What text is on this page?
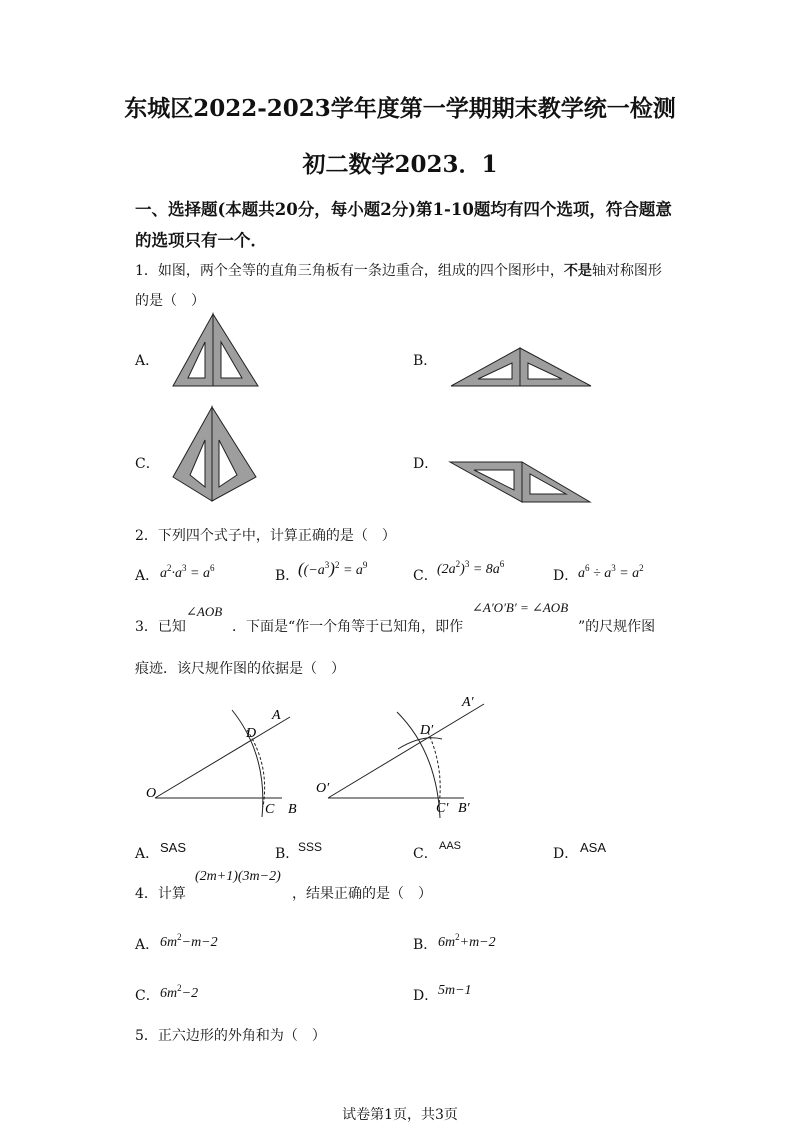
东城区2022-2023学年度第一学期期末教学统一检测
初二数学2023．1
一、选择题(本题共20分，每小题2分)第1-10题均有四个选项，符合题意
的选项只有一个．
1．如图，两个全等的直角三角板有一条边重合，组成的四个图形中，不是轴对称图形
的是（　）
A．	B．
C．	D．
2．下列四个式子中，计算正确的是（　）
A． $a^2\cdot a^3 = a^6$	B．
($(-a^3)^2 = a^9$
C． $(2a^2)^3 = 8a^6$
D． $a^6 \div a^3 = a^2$
3．已知
∠AOB
．下面是“作一个角等于已知角，即作
∠A′O′B′ = ∠AOB
”的尺规作图
痕迹．该尺规作图的依据是（　）
O
A
D
C B
O′
A′
D′
C′ B′
A． SAS	B．
SSS	C． AAS	D． ASA
4．计算
(2m+1)(3m−2)
，结果正确的是（　）
A． $6m^2-m-2$	B． $6m^2+m-2$
C． $6m^2-2$	D． 5m−1
5．正六边形的外角和为（　）
试卷第1页，共3页
